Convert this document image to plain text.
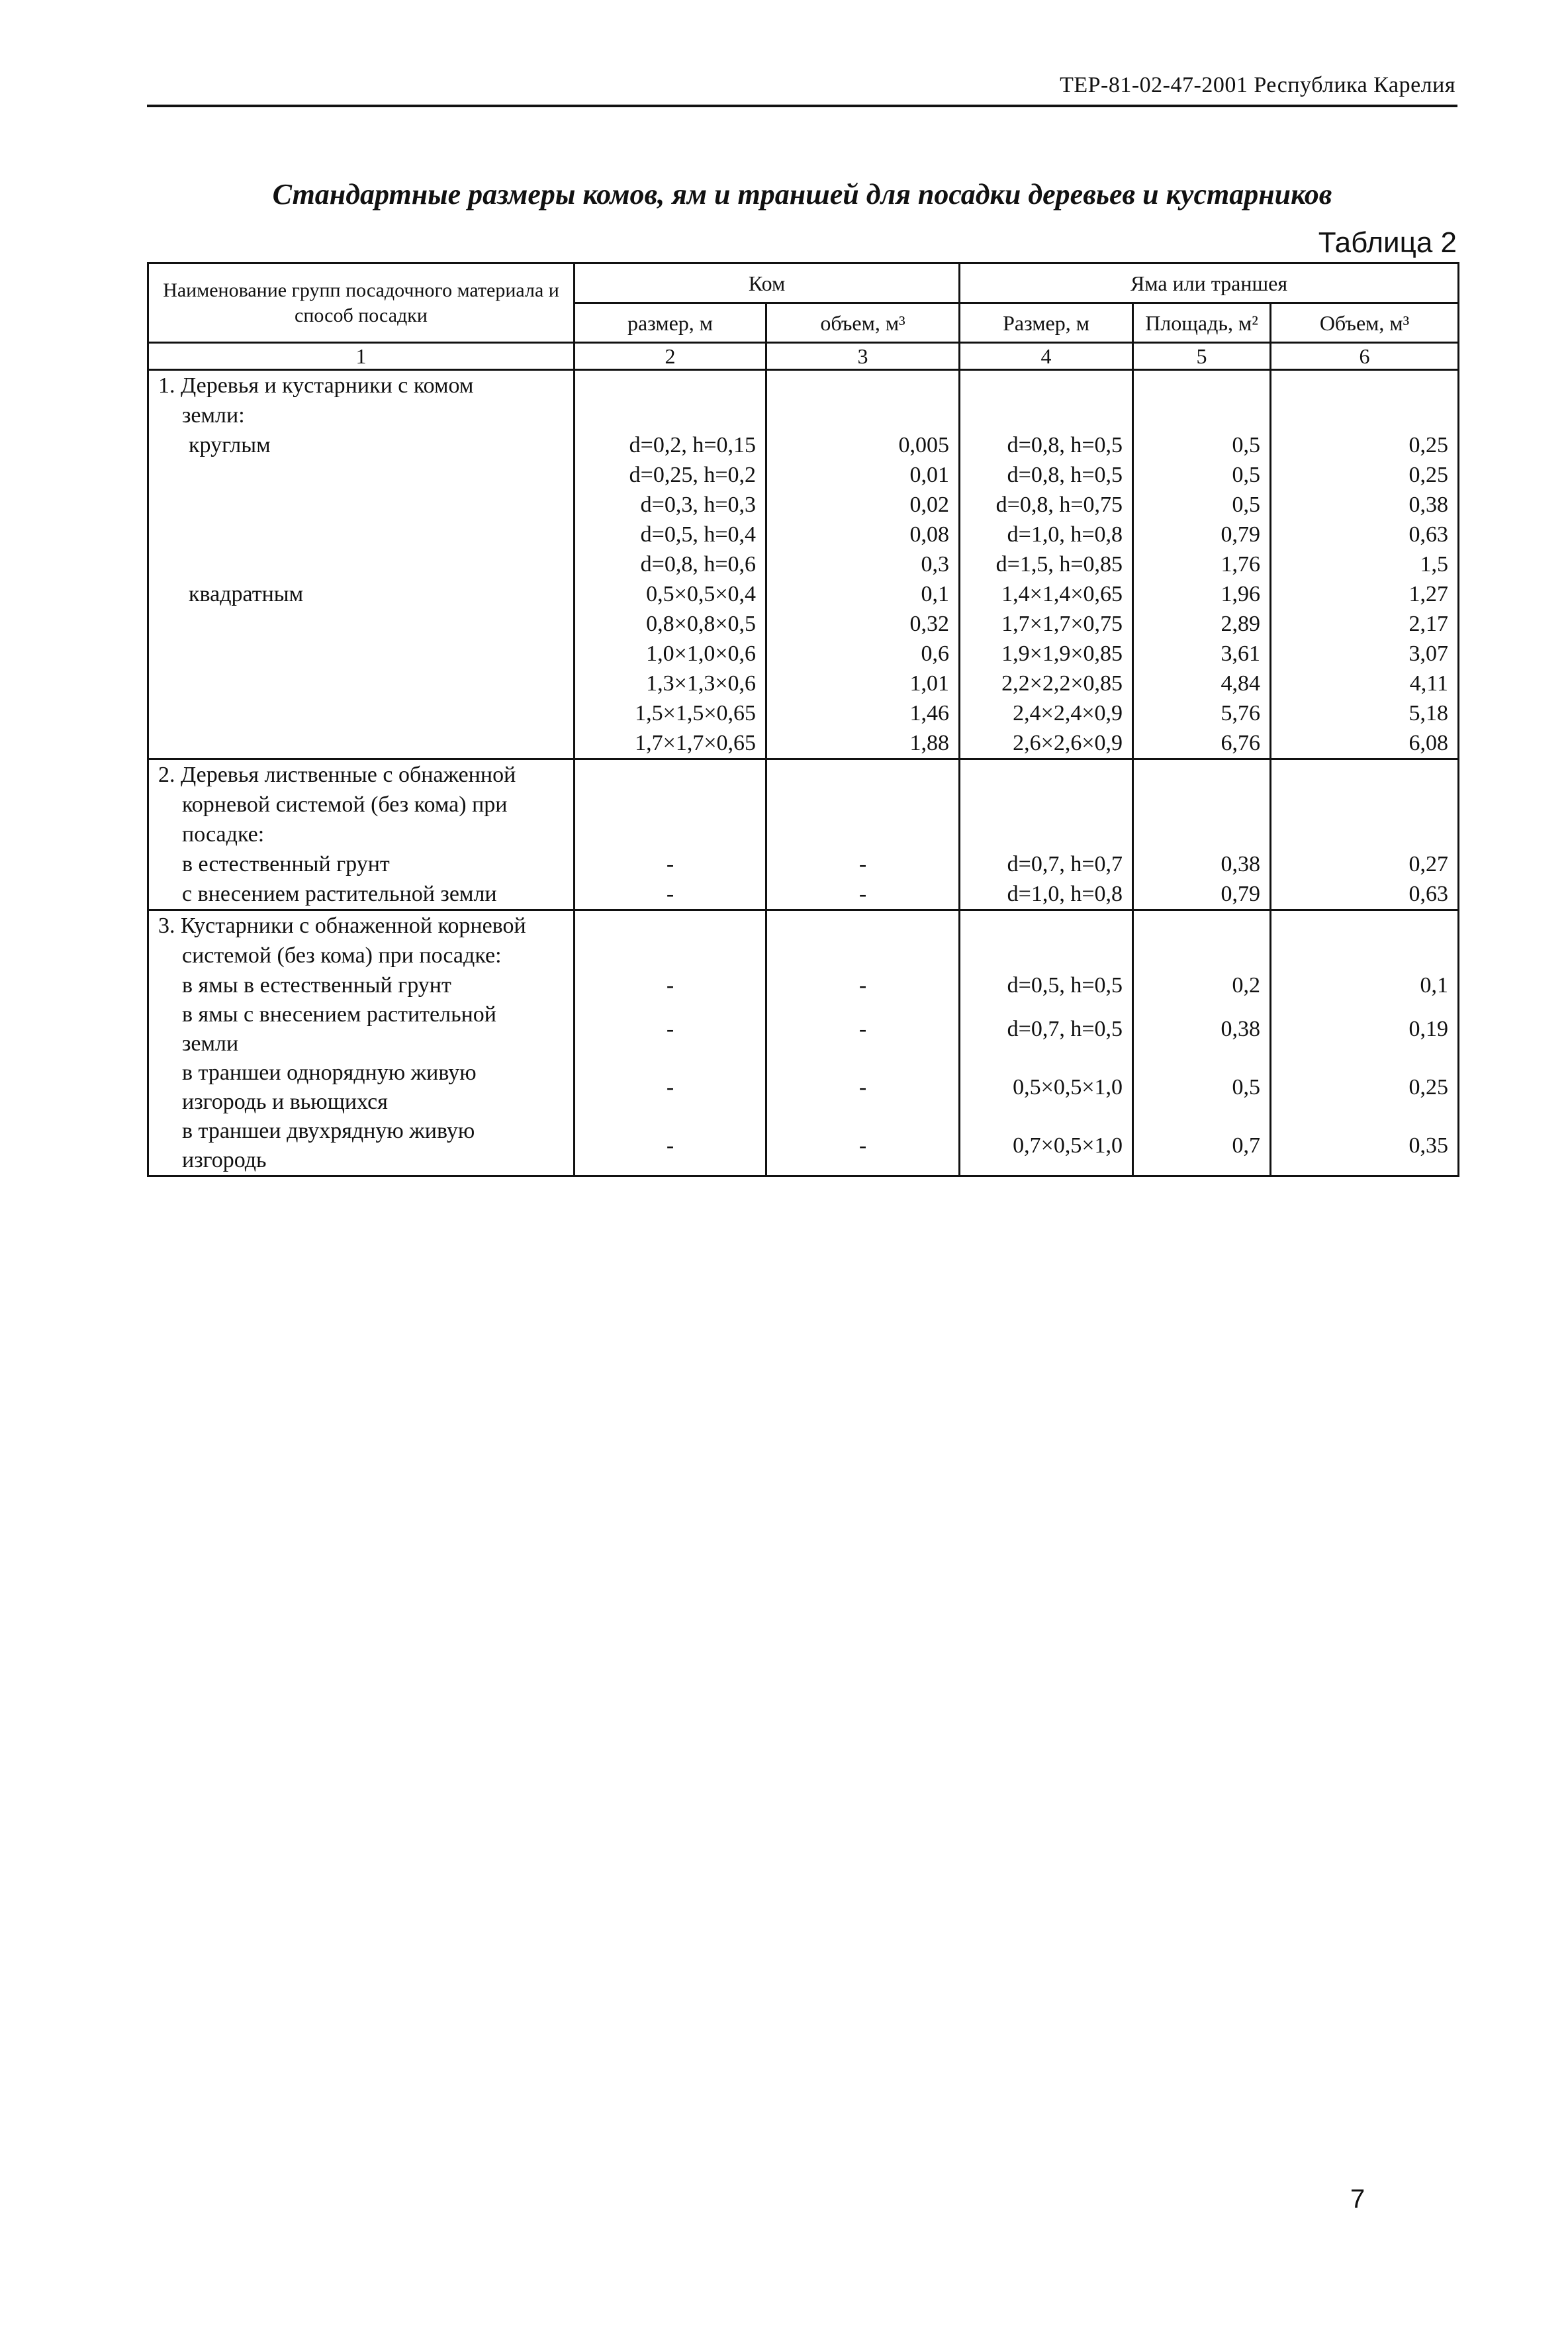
ТЕР-81-02-47-2001 Республика Карелия
Стандартные размеры комов, ям и траншей для посадки деревьев и кустарников
Таблица 2
Наименование групп посадочного материала и способ посадки	Ком		Яма или траншея		
	размер, м	объем, м³	Размер, м	Площадь, м²	Объем, м³
1	2	3	4	5	6
1. Деревья и кустарники с комом					
земли:					
круглым	d=0,2, h=0,15	0,005	d=0,8, h=0,5	0,5	0,25
	d=0,25, h=0,2	0,01	d=0,8, h=0,5	0,5	0,25
	d=0,3, h=0,3	0,02	d=0,8, h=0,75	0,5	0,38
	d=0,5, h=0,4	0,08	d=1,0, h=0,8	0,79	0,63
	d=0,8, h=0,6	0,3	d=1,5, h=0,85	1,76	1,5
квадратным	0,5×0,5×0,4	0,1	1,4×1,4×0,65	1,96	1,27
	0,8×0,8×0,5	0,32	1,7×1,7×0,75	2,89	2,17
	1,0×1,0×0,6	0,6	1,9×1,9×0,85	3,61	3,07
	1,3×1,3×0,6	1,01	2,2×2,2×0,85	4,84	4,11
	1,5×1,5×0,65	1,46	2,4×2,4×0,9	5,76	5,18
	1,7×1,7×0,65	1,88	2,6×2,6×0,9	6,76	6,08
2. Деревья лиственные с обнаженной					
корневой системой (без кома) при					
посадке:					
в естественный грунт	-	-	d=0,7, h=0,7	0,38	0,27
с внесением растительной земли	-	-	d=1,0, h=0,8	0,79	0,63
3. Кустарники с обнаженной корневой					
системой (без кома) при посадке:					
в ямы в естественный грунт	-	-	d=0,5, h=0,5	0,2	0,1

в ямы с внесением растительной
земли	-	-	d=0,7, h=0,5	0,38	0,19

в траншеи однорядную живую
изгородь и вьющихся	-	-	0,5×0,5×1,0	0,5	0,25

в траншеи двухрядную живую
изгородь	-	-	0,7×0,5×1,0	0,7	0,35
7
